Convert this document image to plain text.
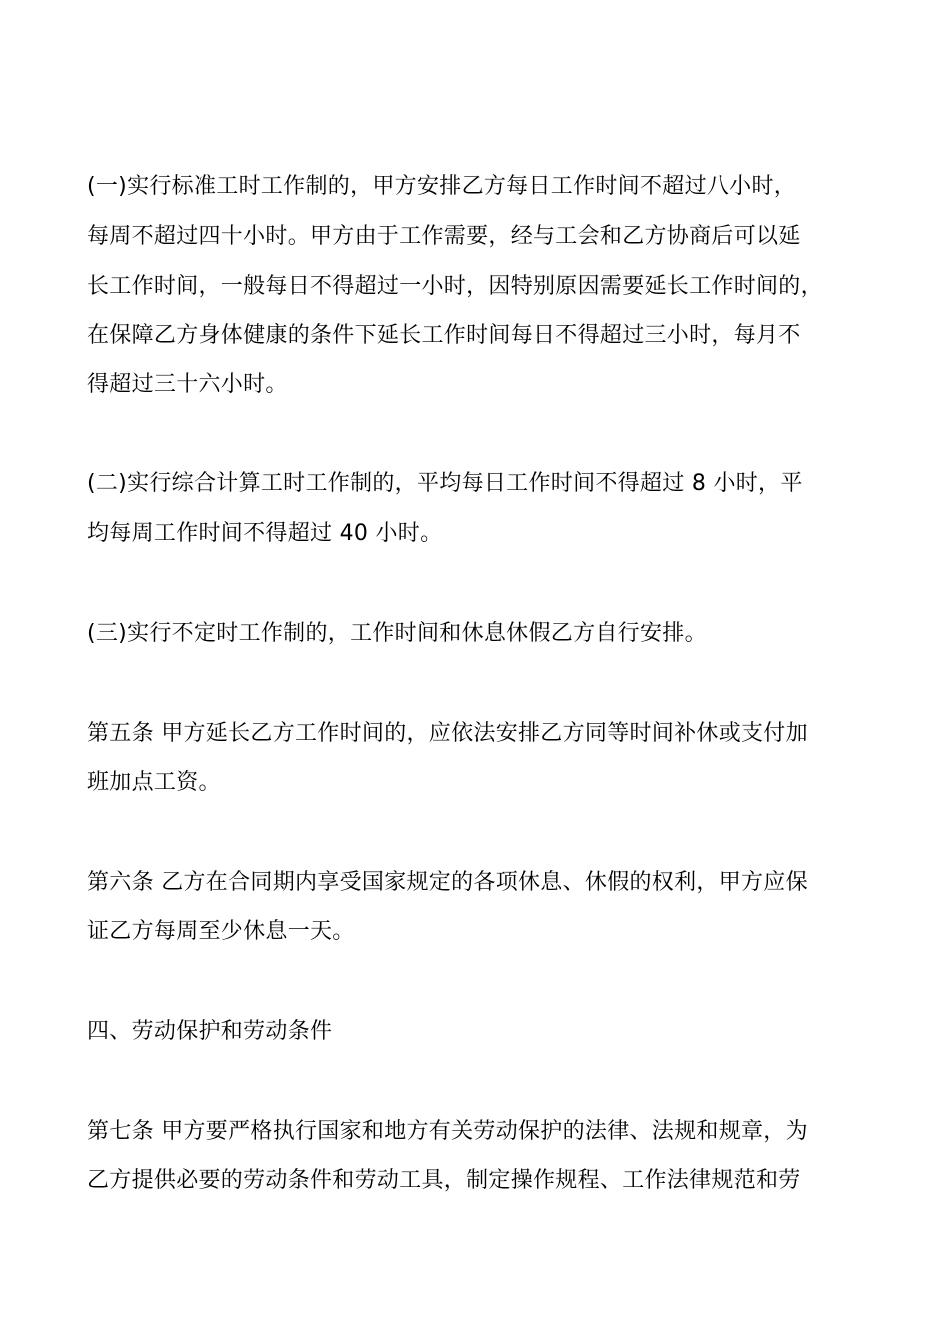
(一)实行标准工时工作制的，甲方安排乙方每日工作时间不超过八小时，
每周不超过四十小时。甲方由于工作需要，经与工会和乙方协商后可以延
长工作时间，一般每日不得超过一小时，因特别原因需要延长工作时间的，
在保障乙方身体健康的条件下延长工作时间每日不得超过三小时，每月不
得超过三十六小时。
(二)实行综合计算工时工作制的，平均每日工作时间不得超过 8 小时，平
均每周工作时间不得超过 40 小时。
(三)实行不定时工作制的，工作时间和休息休假乙方自行安排。
第五条 甲方延长乙方工作时间的，应依法安排乙方同等时间补休或支付加
班加点工资。
第六条 乙方在合同期内享受国家规定的各项休息、休假的权利，甲方应保
证乙方每周至少休息一天。
四、劳动保护和劳动条件
第七条 甲方要严格执行国家和地方有关劳动保护的法律、法规和规章，为
乙方提供必要的劳动条件和劳动工具，制定操作规程、工作法律规范和劳
